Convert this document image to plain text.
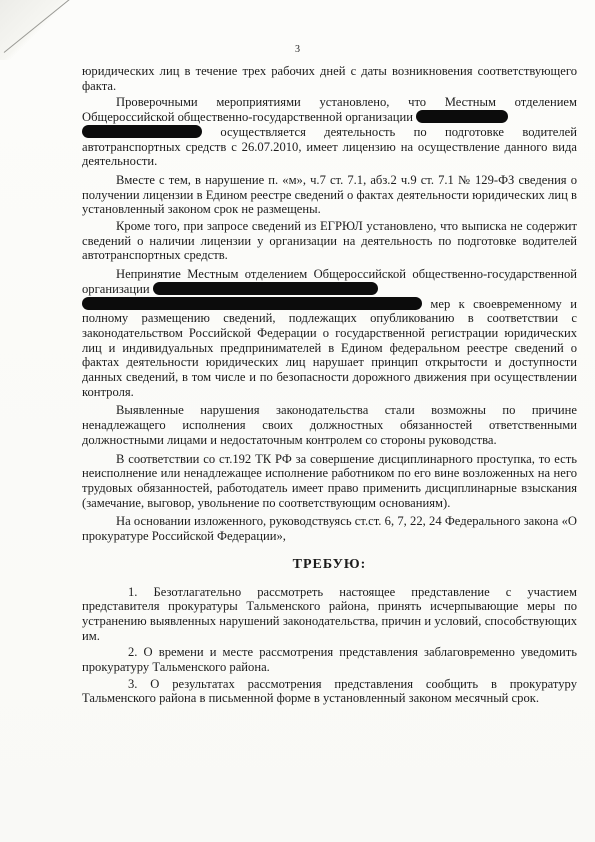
3

юридических лиц в течение трех рабочих дней с даты возникновения соответствующего факта.

Проверочными мероприятиями установлено, что Местным отделением Общероссийской общественно-государственной организации
осуществляется деятельность по подготовке водителей автотранспортных средств с 26.07.2010, имеет лицензию на осуществление данного вида деятельности.

Вместе с тем, в нарушение п. «м», ч.7 ст. 7.1, абз.2 ч.9 ст. 7.1 № 129-ФЗ сведения о получении лицензии в Едином реестре сведений о фактах деятельности юридических лиц в установленный законом срок не размещены.

Кроме того, при запросе сведений из ЕГРЮЛ установлено, что выписка не содержит сведений о наличии лицензии у организации на деятельность по подготовке водителей автотранспортных средств.

Непринятие Местным отделением Общероссийской общественно-государственной организации
мер к своевременному и полному размещению сведений, подлежащих опубликованию в соответствии с законодательством Российской Федерации о государственной регистрации юридических лиц и индивидуальных предпринимателей в Едином федеральном реестре сведений о фактах деятельности юридических лиц нарушает принцип открытости и доступности данных сведений, в том числе и по безопасности дорожного движения при осуществлении контроля.

Выявленные нарушения законодательства стали возможны по причине ненадлежащего исполнения своих должностных обязанностей ответственными должностными лицами и недостаточным контролем со стороны руководства.

В соответствии со ст.192 ТК РФ за совершение дисциплинарного проступка, то есть неисполнение или ненадлежащее исполнение работником по его вине возложенных на него трудовых обязанностей, работодатель имеет право применить дисциплинарные взыскания (замечание, выговор, увольнение по соответствующим основаниям).

На основании изложенного, руководствуясь ст.ст. 6, 7, 22, 24 Федерального закона «О прокуратуре Российской Федерации»,

ТРЕБУЮ:

1. Безотлагательно рассмотреть настоящее представление с участием представителя прокуратуры Тальменского района, принять исчерпывающие меры по устранению выявленных нарушений законодательства, причин и условий, способствующих им.

2. О времени и месте рассмотрения представления заблаговременно уведомить прокуратуру Тальменского района.

3. О результатах рассмотрения представления сообщить в прокуратуру Тальменского района в письменной форме в установленный законом месячный срок.
